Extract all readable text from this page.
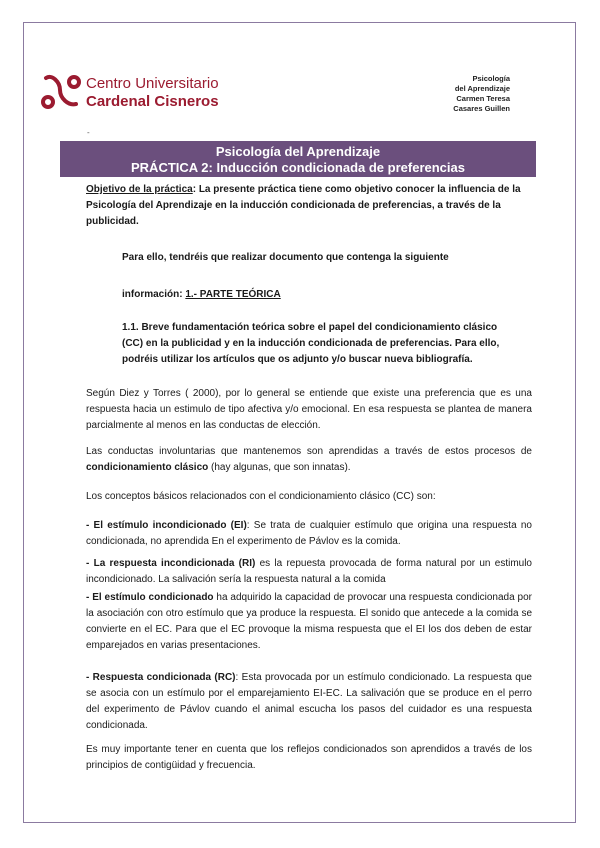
Centro Universitario
Cardenal Cisneros
Psicología
del Aprendizaje
Carmen Teresa
Casares Guillen
-
Psicología del Aprendizaje
PRÁCTICA 2: Inducción condicionada de preferencias
Objetivo de la práctica: La presente práctica tiene como objetivo conocer la influencia de la Psicología del Aprendizaje en la inducción condicionada de preferencias, a través de la publicidad.
Para ello, tendréis que realizar documento que contenga la siguiente
información: 1.- PARTE TEÓRICA
1.1. Breve fundamentación teórica sobre el papel del condicionamiento clásico (CC) en la publicidad y en la inducción condicionada de preferencias. Para ello, podréis utilizar los artículos que os adjunto y/o buscar nueva bibliografía.
Según Diez y Torres ( 2000), por lo general se entiende que existe una preferencia que es una respuesta hacia un estimulo de tipo afectiva y/o emocional. En esa respuesta se plantea de manera parcialmente al menos en las conductas de elección.
Las conductas involuntarias que mantenemos son aprendidas a través de estos procesos de condicionamiento clásico (hay algunas, que son innatas).
Los conceptos básicos relacionados con el condicionamiento clásico (CC) son:
- El estímulo incondicionado (EI): Se trata de cualquier estímulo que origina una respuesta no condicionada, no aprendida En el experimento de Pávlov es la comida.
- La respuesta incondicionada (RI) es la repuesta provocada de forma natural por un estimulo incondicionado. La salivación sería la respuesta natural a la comida
- El estímulo condicionado ha adquirido la capacidad de provocar una respuesta condicionada por la asociación con otro estímulo que ya produce la respuesta. El sonido que antecede a la comida se convierte en el EC. Para que el EC provoque la misma respuesta que el EI los dos deben de estar emparejados en varias presentaciones.
- Respuesta condicionada (RC): Esta provocada por un estímulo condicionado. La respuesta que se asocia con un estímulo por el emparejamiento EI-EC. La salivación que se produce en el perro del experimento de Pávlov cuando el animal escucha los pasos del cuidador es una respuesta condicionada.
Es muy importante tener en cuenta que los reflejos condicionados son aprendidos a través de los principios de contigüidad y frecuencia.
